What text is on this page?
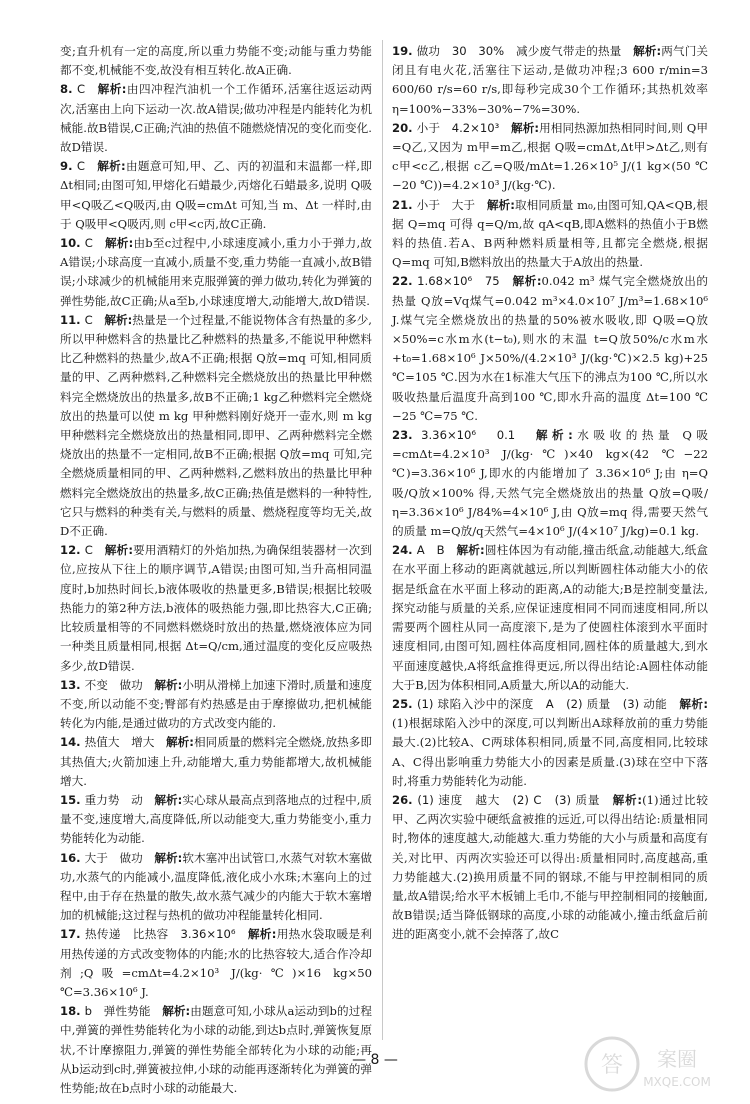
变;直升机有一定的高度,所以重力势能不变;动能与重力势能都不变,机械能不变,故没有相互转化.故A正确.
8. C　 解析:由四冲程汽油机一个工作循环,活塞往返运动两次,活塞由上向下运动一次.故A错误;做功冲程是内能转化为机械能.故B错误,C正确;汽油的热值不随燃烧情况的变化而变化.故D错误.
9. C　 解析:由题意可知,甲、乙、丙的初温和末温都一样,即Δt相同;由图可知,甲熔化石蜡最少,丙熔化石蜡最多,说明 Q吸甲<Q吸乙<Q吸丙,由 Q吸=cmΔt 可知,当 m、Δt 一样时,由于 Q吸甲<Q吸丙,则 c甲<c丙,故C正确.
10. C　 解析:由b至c过程中,小球速度减小,重力小于弹力,故A错误;小球高度一直减小,质量不变,重力势能一直减小,故B错误;小球减少的机械能用来克服弹簧的弹力做功,转化为弹簧的弹性势能,故C正确;从a至b,小球速度增大,动能增大,故D错误.
11. C　 解析:热量是一个过程量,不能说物体含有热量的多少,所以甲种燃料含的热量比乙种燃料的热量多,不能说甲种燃料比乙种燃料的热量少,故A不正确;根据 Q放=mq 可知,相同质量的甲、乙两种燃料,乙种燃料完全燃烧放出的热量比甲种燃料完全燃烧放出的热量多,故B不正确;1 kg乙种燃料完全燃烧放出的热量可以使 m kg 甲种燃料刚好烧开一壶水,则 m kg 甲种燃料完全燃烧放出的热量相同,即甲、乙两种燃料完全燃烧放出的热量不一定相同,故B不正确;根据 Q放=mq 可知,完全燃烧质量相同的甲、乙两种燃料,乙燃料放出的热量比甲种燃料完全燃烧放出的热量多,故C正确;热值是燃料的一种特性,它只与燃料的种类有关,与燃料的质量、燃烧程度等均无关,故D不正确.
12. C　 解析:要用酒精灯的外焰加热,为确保组装器材一次到位,应按从下往上的顺序调节,A错误;由图可知,当升高相同温度时,b加热时间长,b液体吸收的热量更多,B错误;根据比较吸热能力的第2种方法,b液体的吸热能力强,即比热容大,C正确;比较质量相等的不同燃料燃烧时放出的热量,燃烧液体应为同一种类且质量相同,根据 Δt=Q/cm,通过温度的变化反应吸热多少,故D错误.
13. 不变　做功　 解析:小明从滑梯上加速下滑时,质量和速度不变,所以动能不变;臀部有灼热感是由于摩擦做功,把机械能转化为内能,是通过做功的方式改变内能的.
14. 热值大　增大　 解析:相同质量的燃料完全燃烧,放热多即其热值大;火箭加速上升,动能增大,重力势能都增大,故机械能增大.
15. 重力势　动　 解析:实心球从最高点到落地点的过程中,质量不变,速度增大,高度降低,所以动能变大,重力势能变小,重力势能转化为动能.
16. 大于　做功　 解析:软木塞冲出试管口,水蒸气对软木塞做功,水蒸气的内能减小,温度降低,液化成小水珠;木塞向上的过程中,由于存在热量的散失,故水蒸气减少的内能大于软木塞增加的机械能;这过程与热机的做功冲程能量转化相同.
17. 热传递　比热容　3.36×10⁶　 解析:用热水袋取暖是利用热传递的方式改变物体的内能;水的比热容较大,适合作冷却剂;Q吸=cmΔt=4.2×10³ J/(kg·℃)×16 kg×50 ℃=3.36×10⁶ J.
18. b　弹性势能　 解析:由题意可知,小球从a运动到b的过程中,弹簧的弹性势能转化为小球的动能,到达b点时,弹簧恢复原状,不计摩擦阻力,弹簧的弹性势能全部转化为小球的动能;再从b运动到c时,弹簧被拉伸,小球的动能再逐渐转化为弹簧的弹性势能;故在b点时小球的动能最大.
19. 做功　30　30%　减少废气带走的热量　 解析:两气门关闭且有电火花,活塞往下运动,是做功冲程;3 600 r/min=3 600/60 r/s=60 r/s,即每秒完成30个工作循环;其热机效率 η=100%−33%−30%−7%=30%.
20. 小于　4.2×10³　 解析:用相同热源加热相同时间,则 Q甲=Q乙,又因为 m甲=m乙,根据 Q吸=cmΔt,Δt甲>Δt乙,则有 c甲<c乙,根据 c乙=Q吸/mΔt=1.26×10⁵ J/(1 kg×(50 ℃−20 ℃))=4.2×10³ J/(kg·℃).
21. 小于　大于　 解析:取相同质量 m₀,由图可知,QA<QB,根据 Q=mq 可得 q=Q/m,故 qA<qB,即A燃料的热值小于B燃料的热值.若A、B两种燃料质量相等,且都完全燃烧,根据 Q=mq 可知,B燃料放出的热量大于A放出的热量.
22. 1.68×10⁶　75　 解析:0.042 m³ 煤气完全燃烧放出的热量 Q放=Vq煤气=0.042 m³×4.0×10⁷ J/m³=1.68×10⁶ J.煤气完全燃烧放出的热量的50%被水吸收,即 Q吸=Q放×50%=c水m水(t−t₀),则水的末温 t=Q放50%/c水m水+t₀=1.68×10⁶ J×50%/(4.2×10³ J/(kg·℃)×2.5 kg)+25 ℃=105 ℃.因为水在1标准大气压下的沸点为100 ℃,所以水吸收热量后温度升高到100 ℃,即水升高的温度 Δt=100 ℃−25 ℃=75 ℃.
23. 3.36×10⁶　0.1　 解析:水吸收的热量 Q吸=cmΔt=4.2×10³ J/(kg·℃)×40 kg×(42 ℃−22 ℃)=3.36×10⁶ J,即水的内能增加了 3.36×10⁶ J;由 η=Q吸/Q放×100% 得,天然气完全燃烧放出的热量 Q放=Q吸/η=3.36×10⁶ J/84%=4×10⁶ J,由 Q放=mq 得,需要天然气的质量 m=Q放/q天然气=4×10⁶ J/(4×10⁷ J/kg)=0.1 kg.
24. A　B　 解析:圆柱体因为有动能,撞击纸盒,动能越大,纸盒在水平面上移动的距离就越远,所以判断圆柱体动能大小的依据是纸盒在水平面上移动的距离,A的动能大;B是控制变量法,探究动能与质量的关系,应保证速度相同不同而速度相同,所以需要两个圆柱从同一高度滚下,是为了使圆柱体滚到水平面时速度相同,由图可知,圆柱体高度相同,圆柱体的质量越大,到水平面速度越快,A将纸盒推得更远,所以得出结论:A圆柱体动能大于B,因为体积相同,A质量大,所以A的动能大.
25. (1) 球陷入沙中的深度　A　(2) 质量　(3) 动能　 解析:(1)根据球陷入沙中的深度,可以判断出A球释放前的重力势能最大.(2)比较A、C两球体积相同,质量不同,高度相同,比较球A、C得出影响重力势能大小的因素是质量.(3)球在空中下落时,将重力势能转化为动能.
26. (1) 速度　越大　(2) C　(3) 质量　 解析:(1)通过比较甲、乙两次实验中硬纸盒被推的远近,可以得出结论:质量相同时,物体的速度越大,动能越大.重力势能的大小与质量和高度有关,对比甲、丙两次实验还可以得出:质量相同时,高度越高,重力势能越大.(2)换用质量不同的钢球,不能与甲控制相同的质量,故A错误;给水平木板铺上毛巾,不能与甲控制相同的接触面,故B错误;适当降低钢球的高度,小球的动能减小,撞击纸盒后前进的距离变小,就不会掉落了,故C
— 8 —	答 案圈
MXQE.COM
